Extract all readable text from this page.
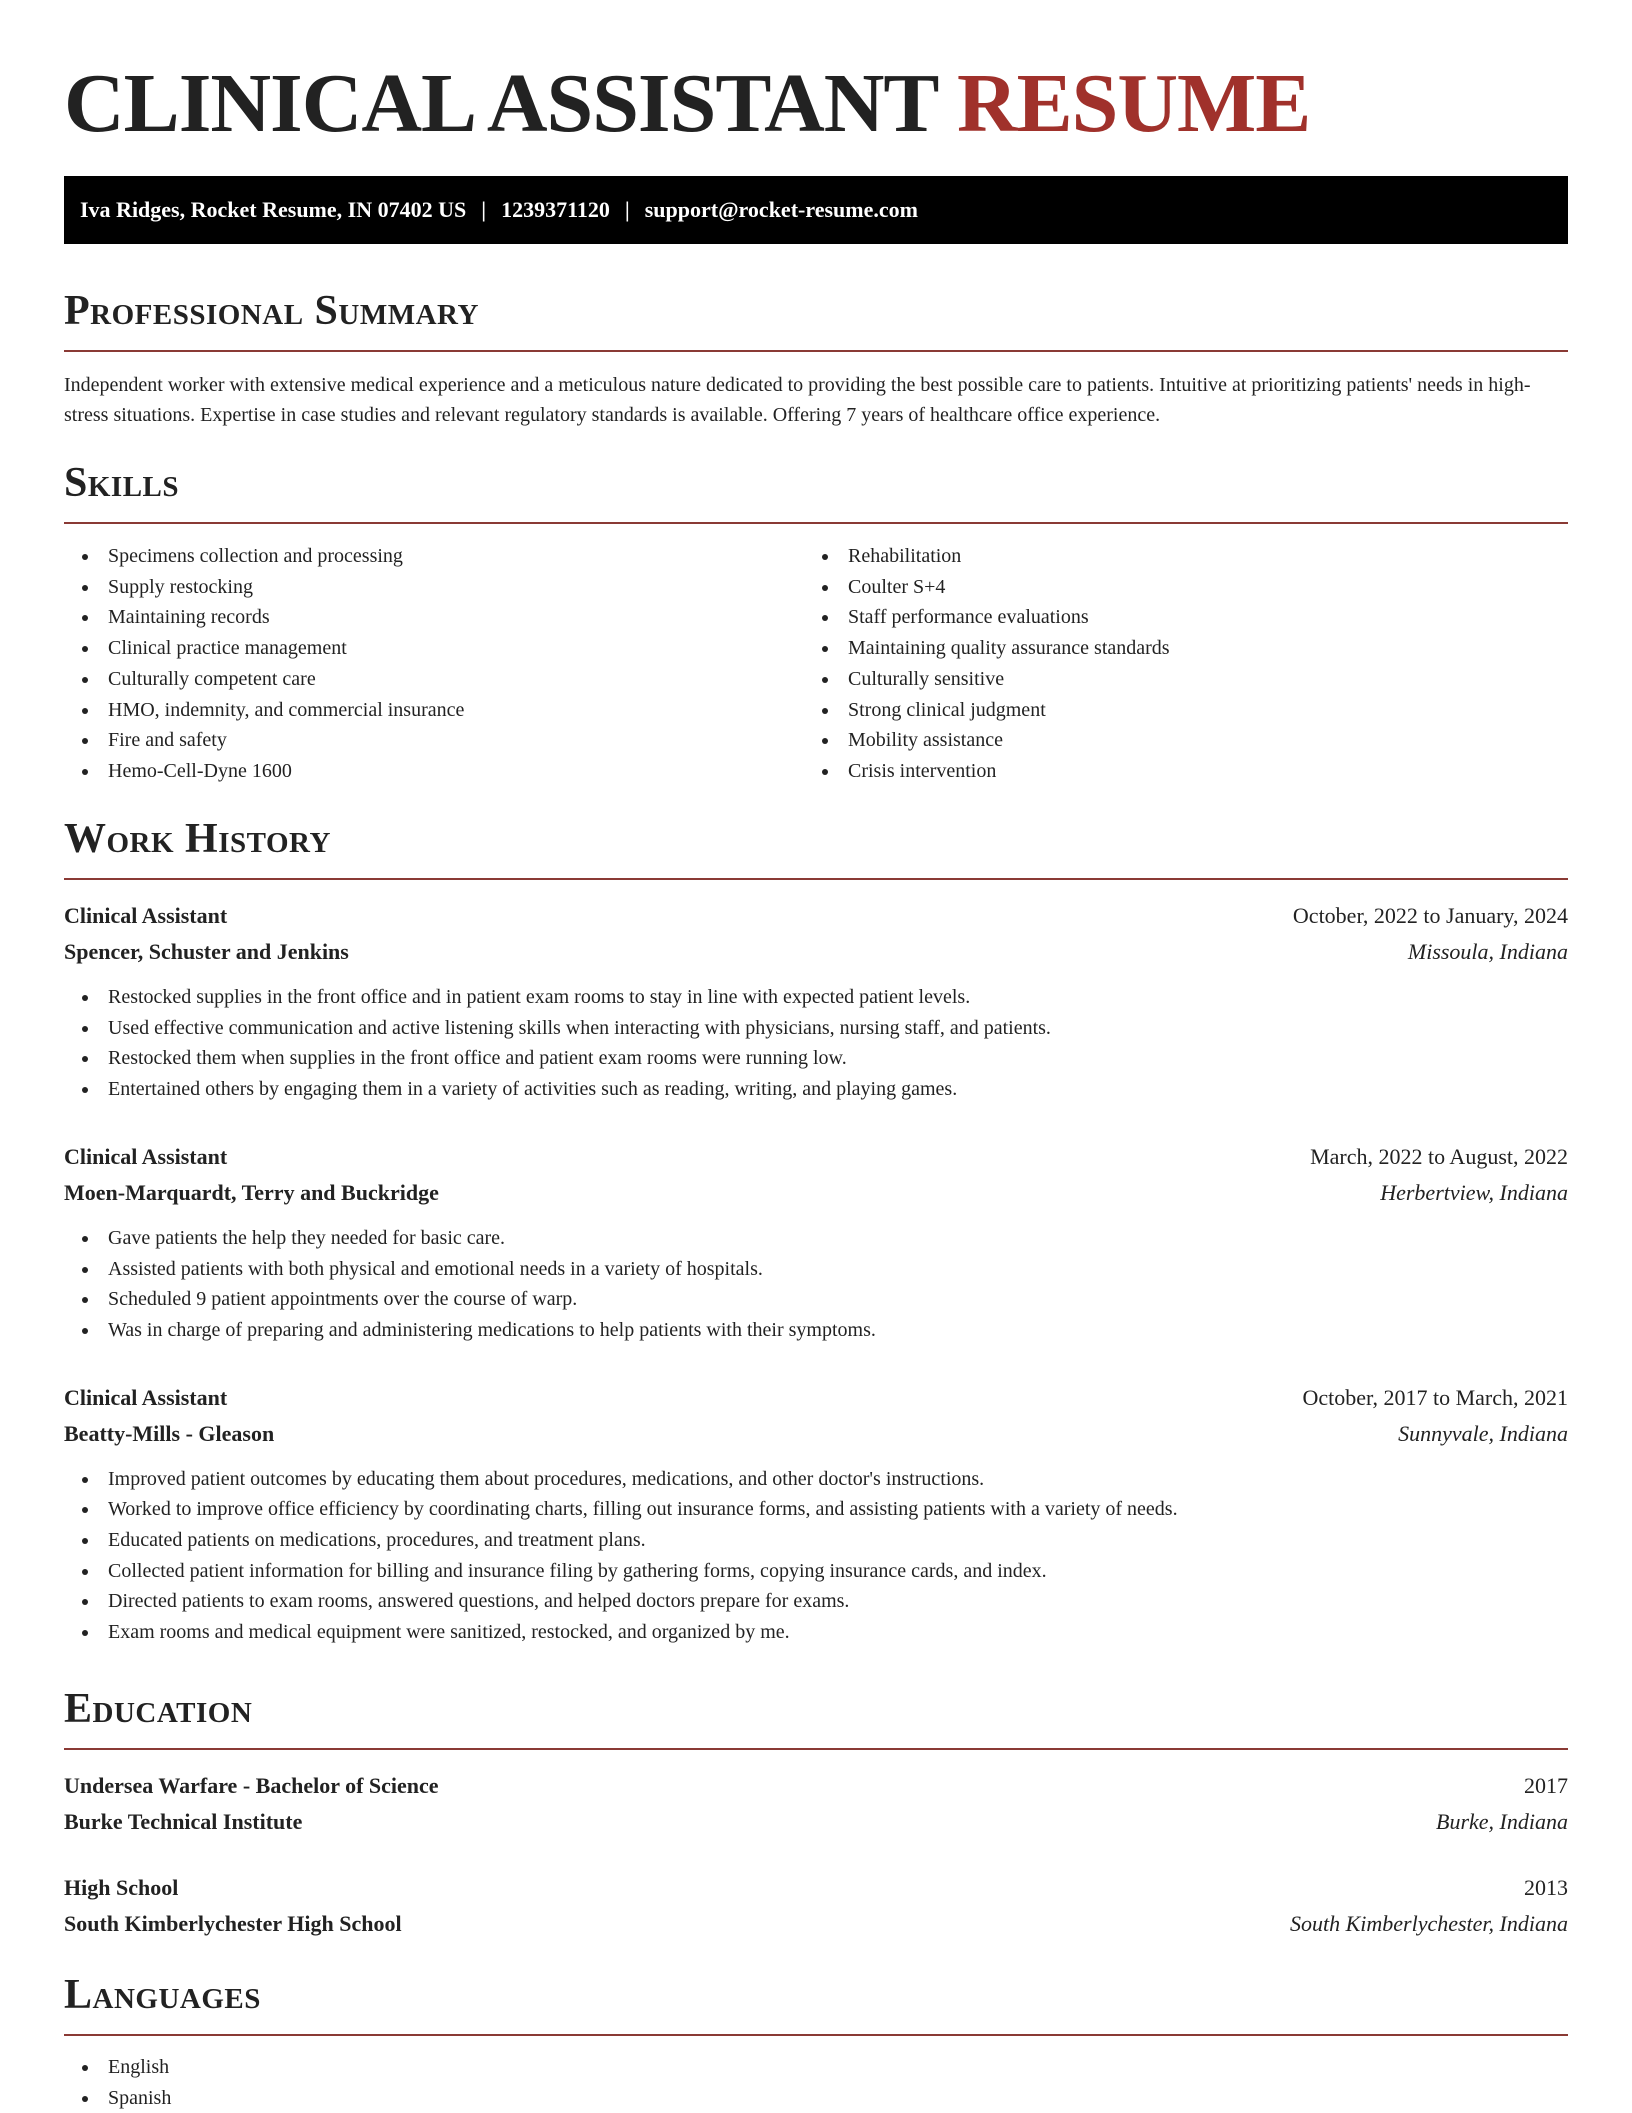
CLINICAL ASSISTANT RESUME
Iva Ridges, Rocket Resume, IN 07402 US | 1239371120 | support@rocket-resume.com
Professional Summary

Independent worker with extensive medical experience and a meticulous nature dedicated to providing the best possible care to patients. Intuitive at prioritizing patients' needs in high-stress situations. Expertise in case studies and relevant regulatory standards is available. Offering 7 years of healthcare office experience.

Skills
Specimens collection and processing
Supply restocking
Maintaining records
Clinical practice management
Culturally competent care
HMO, indemnity, and commercial insurance
Fire and safety
Hemo-Cell-Dyne 1600
Rehabilitation
Coulter S+4
Staff performance evaluations
Maintaining quality assurance standards
Culturally sensitive
Strong clinical judgment
Mobility assistance
Crisis intervention
Work History
Clinical Assistant	October, 2022 to January, 2024
Spencer, Schuster and Jenkins	Missoula, Indiana
Restocked supplies in the front office and in patient exam rooms to stay in line with expected patient levels.
Used effective communication and active listening skills when interacting with physicians, nursing staff, and patients.
Restocked them when supplies in the front office and patient exam rooms were running low.
Entertained others by engaging them in a variety of activities such as reading, writing, and playing games.
Clinical Assistant	March, 2022 to August, 2022
Moen-Marquardt, Terry and Buckridge	Herbertview, Indiana
Gave patients the help they needed for basic care.
Assisted patients with both physical and emotional needs in a variety of hospitals.
Scheduled 9 patient appointments over the course of warp.
Was in charge of preparing and administering medications to help patients with their symptoms.
Clinical Assistant	October, 2017 to March, 2021
Beatty-Mills - Gleason	Sunnyvale, Indiana
Improved patient outcomes by educating them about procedures, medications, and other doctor's instructions.
Worked to improve office efficiency by coordinating charts, filling out insurance forms, and assisting patients with a variety of needs.
Educated patients on medications, procedures, and treatment plans.
Collected patient information for billing and insurance filing by gathering forms, copying insurance cards, and index.
Directed patients to exam rooms, answered questions, and helped doctors prepare for exams.
Exam rooms and medical equipment were sanitized, restocked, and organized by me.
Education
Undersea Warfare - Bachelor of Science	2017
Burke Technical Institute	Burke, Indiana
High School	2013
South Kimberlychester High School	South Kimberlychester, Indiana
Languages
English
Spanish
